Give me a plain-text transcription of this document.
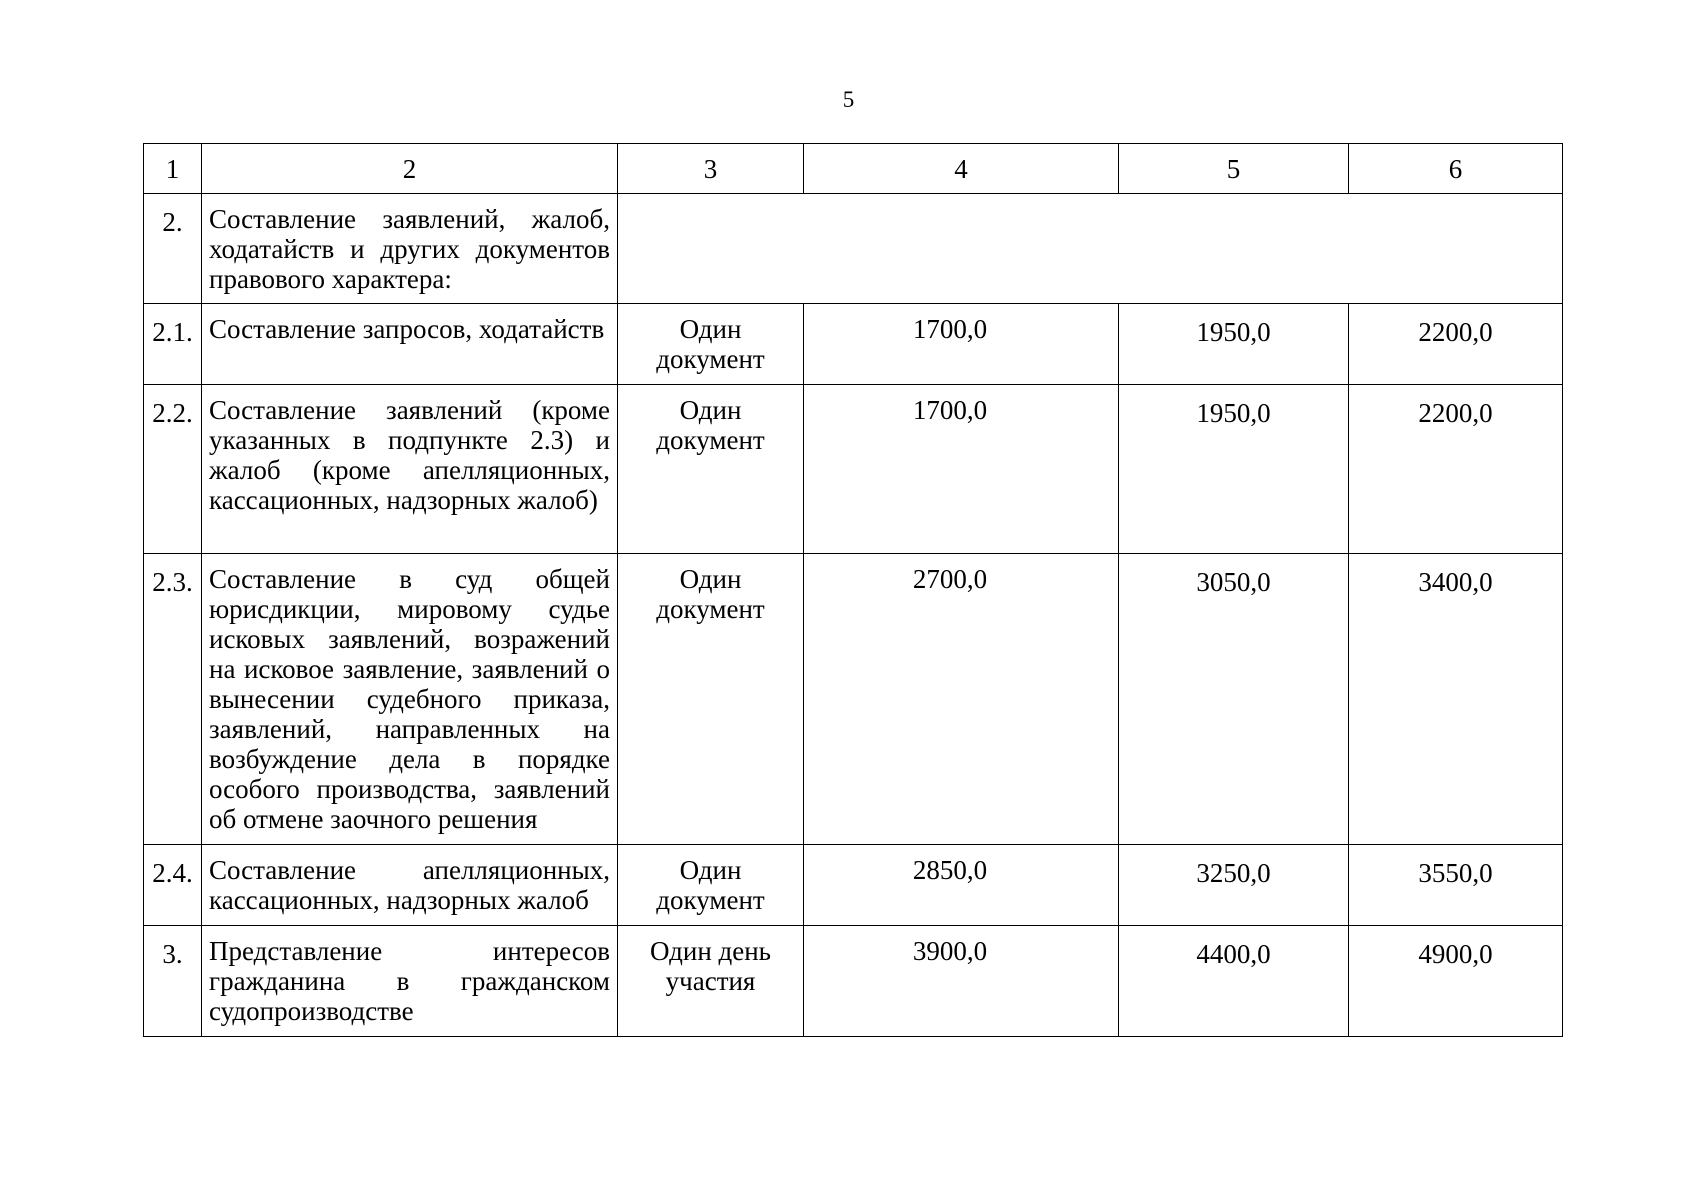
5
1	2	3	4	5	6
2.	Составление заявлений, жалоб, ходатайств и других документов правового характера:				
2.1.	Составление запросов, ходатайств	Один документ	1700,0	1950,0	2200,0
2.2.	Составление заявлений (кроме указанных в подпункте 2.3) и жалоб (кроме апелляционных, кассационных, надзорных жалоб)	Один документ	1700,0	1950,0	2200,0
2.3.	Составление в суд общей юрисдикции, мировому судье исковых заявлений, возражений на исковое заявление, заявлений о вынесении судебного приказа, заявлений, направленных на возбуждение дела в порядке особого производства, заявлений об отмене заочного решения	Один документ	2700,0	3050,0	3400,0
2.4.	Составление апелляционных, кассационных, надзорных жалоб	Один документ	2850,0	3250,0	3550,0
3.	Представление интересов гражданина в гражданском судопроизводстве	Один день участия	3900,0	4400,0	4900,0
